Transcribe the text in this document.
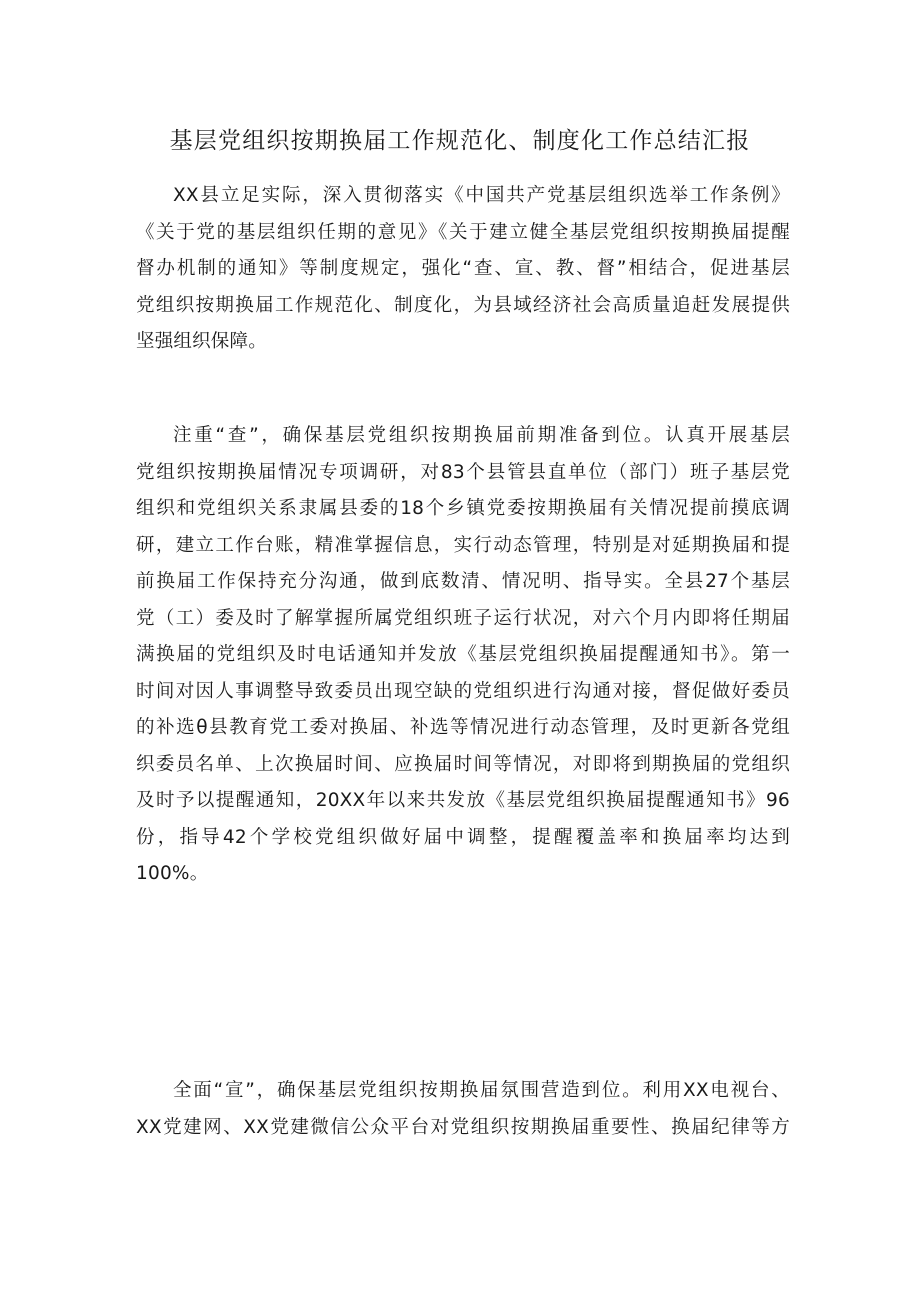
基层党组织按期换届工作规范化、制度化工作总结汇报
XX县立足实际，深入贯彻落实《中国共产党基层组织选举工作条例》
《关于党的基层组织任期的意见》《关于建立健全基层党组织按期换届提醒
督办机制的通知》等制度规定，强化“查、宣、教、督”相结合，促进基层
党组织按期换届工作规范化、制度化，为县域经济社会高质量追赶发展提供
坚强组织保障。
注重“查”，确保基层党组织按期换届前期准备到位。认真开展基层
党组织按期换届情况专项调研，对83个县管县直单位（部门）班子基层党
组织和党组织关系隶属县委的18个乡镇党委按期换届有关情况提前摸底调
研，建立工作台账，精准掌握信息，实行动态管理，特别是对延期换届和提
前换届工作保持充分沟通，做到底数清、情况明、指导实。全县27个基层
党（工）委及时了解掌握所属党组织班子运行状况，对六个月内即将任期届
满换届的党组织及时电话通知并发放《基层党组织换届提醒通知书》。第一
时间对因人事调整导致委员出现空缺的党组织进行沟通对接，督促做好委员
的补选θ县教育党工委对换届、补选等情况进行动态管理，及时更新各党组
织委员名单、上次换届时间、应换届时间等情况，对即将到期换届的党组织
及时予以提醒通知，20XX年以来共发放《基层党组织换届提醒通知书》96
份，指导42个学校党组织做好届中调整，提醒覆盖率和换届率均达到
100%。
全面“宣”，确保基层党组织按期换届氛围营造到位。利用XX电视台、
XX党建网、XX党建微信公众平台对党组织按期换届重要性、换届纪律等方
